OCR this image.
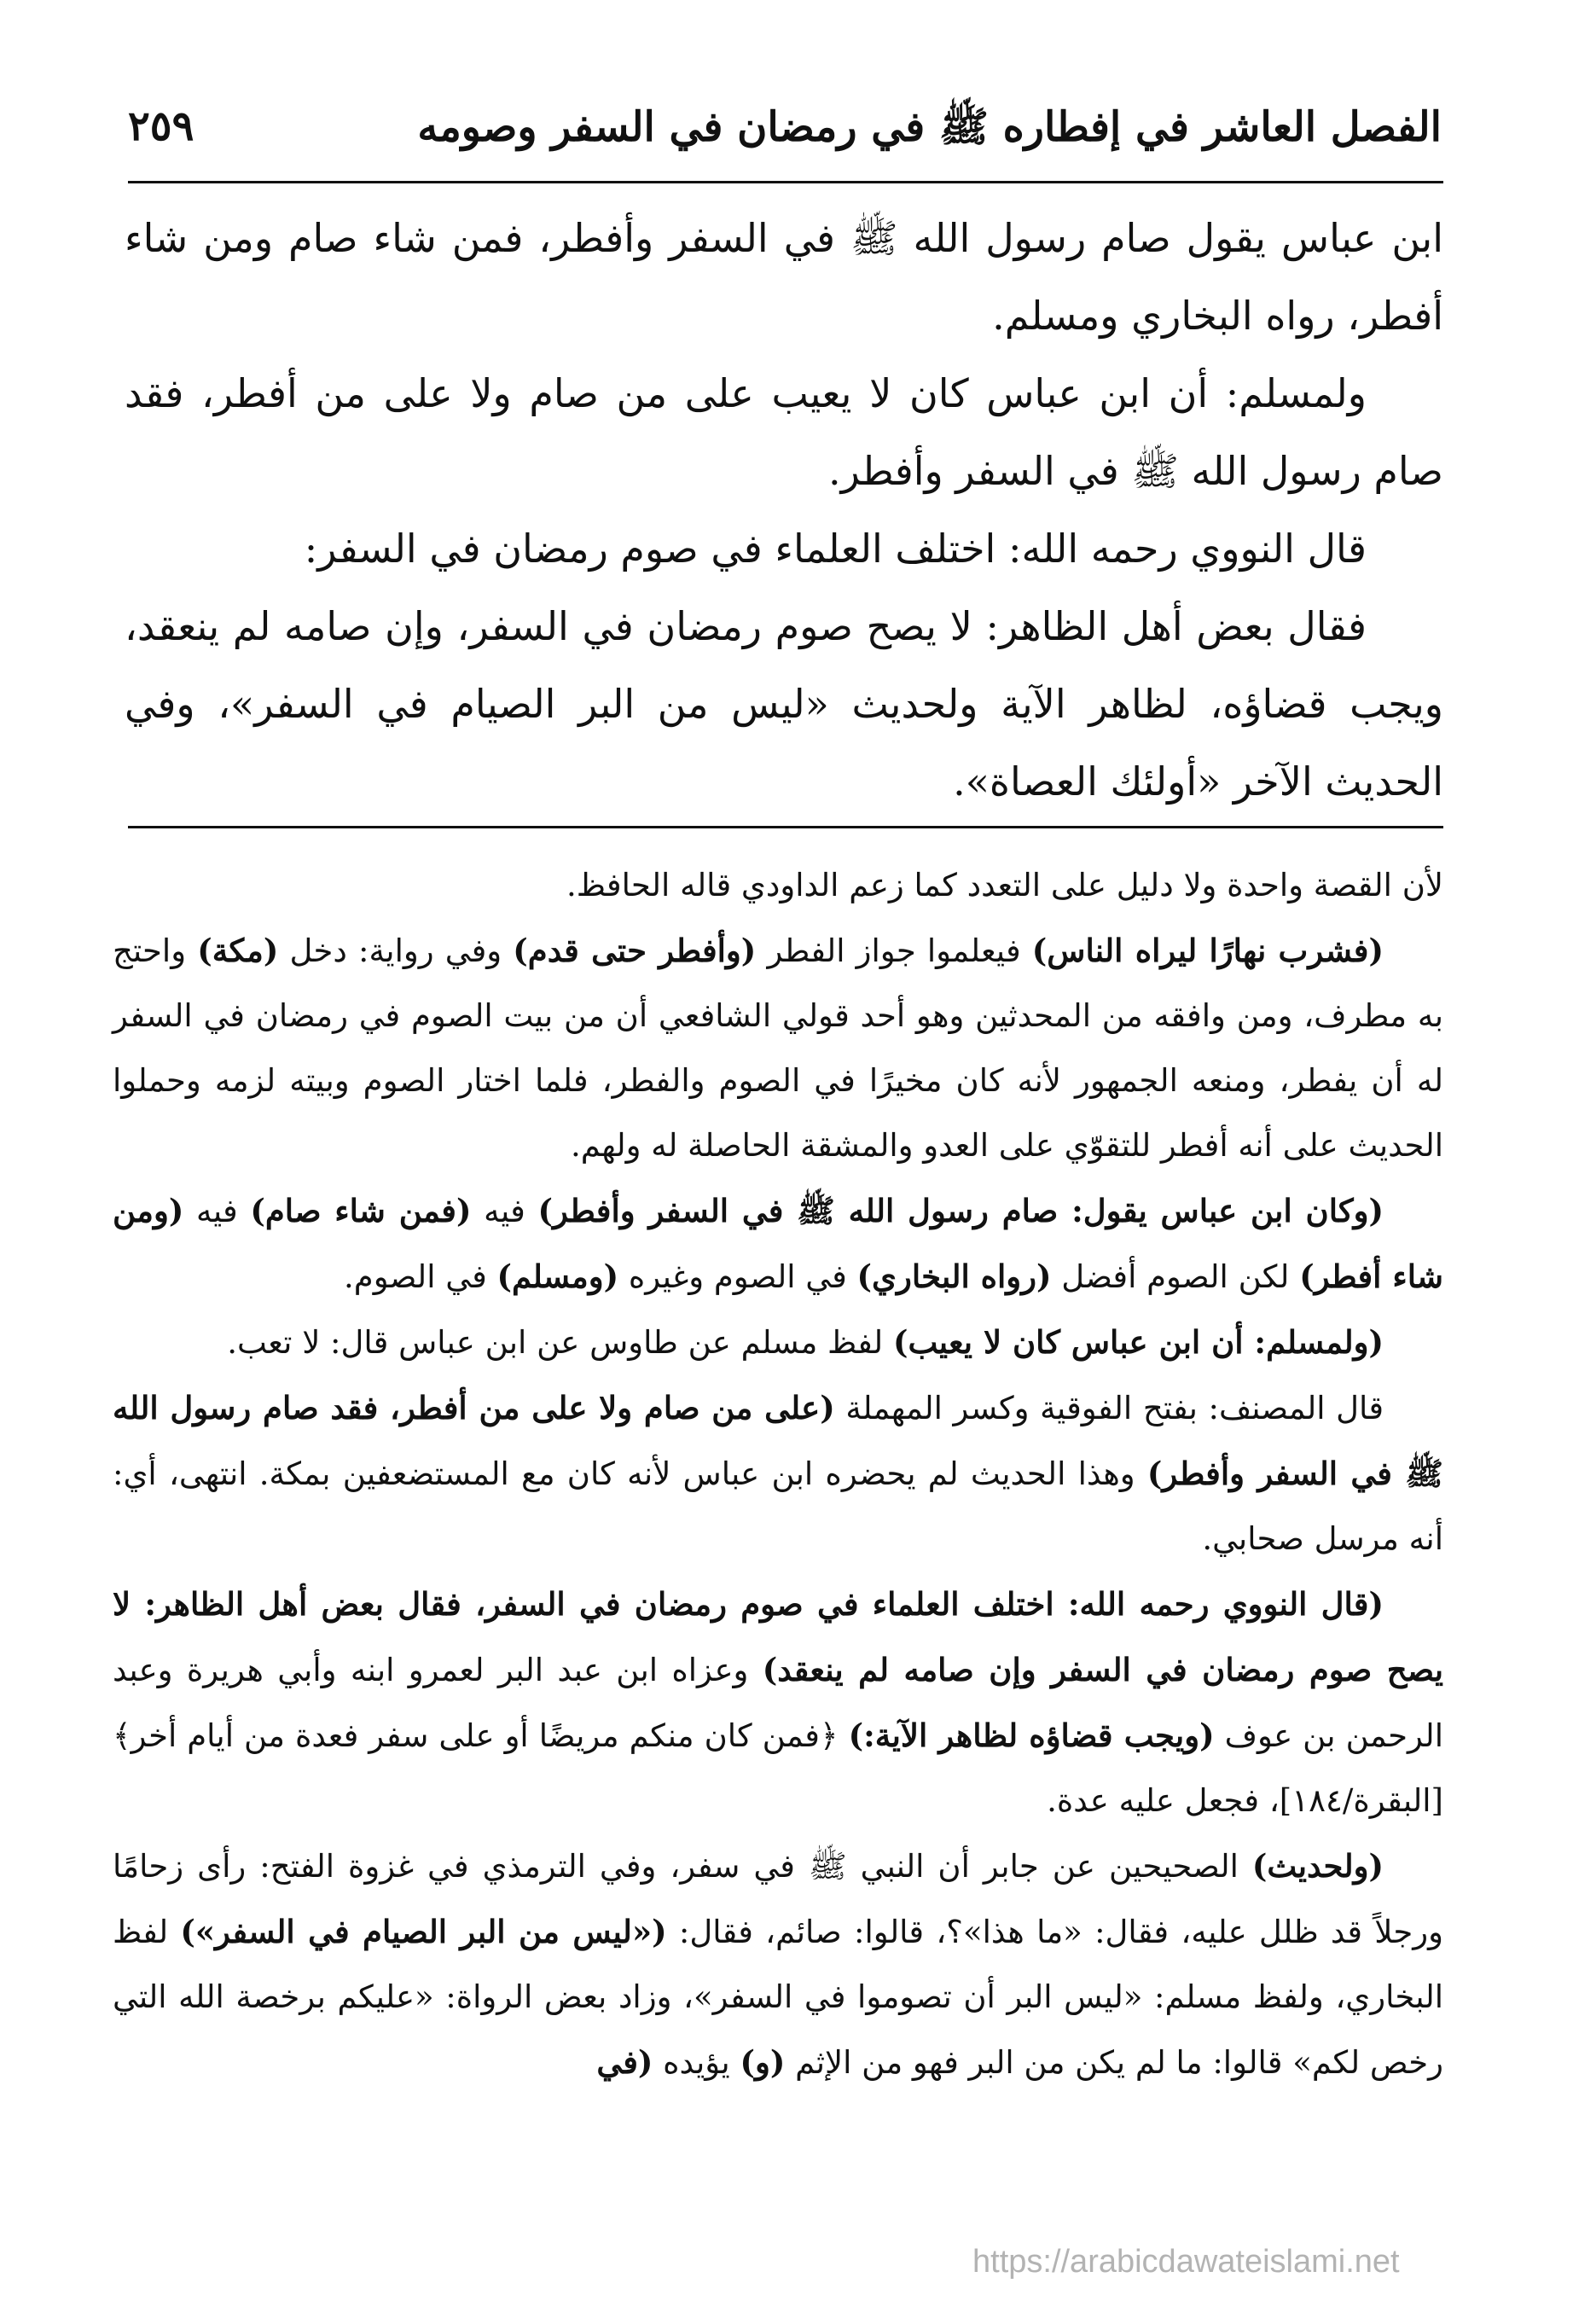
الفصل العاشر في إفطاره ﷺ في رمضان في السفر وصومه
٢٥٩

ابن عباس يقول صام رسول الله ﷺ في السفر وأفطر، فمن شاء صام ومن شاء أفطر، رواه البخاري ومسلم.

ولمسلم: أن ابن عباس كان لا يعيب على من صام ولا على من أفطر، فقد صام رسول الله ﷺ في السفر وأفطر.

قال النووي رحمه الله: اختلف العلماء في صوم رمضان في السفر:

فقال بعض أهل الظاهر: لا يصح صوم رمضان في السفر، وإن صامه لم ينعقد، ويجب قضاؤه، لظاهر الآية ولحديث «ليس من البر الصيام في السفر»، وفي الحديث الآخر «أولئك العصاة».

لأن القصة واحدة ولا دليل على التعدد كما زعم الداودي قاله الحافظ.

(فشرب نهارًا ليراه الناس) فيعلموا جواز الفطر (وأفطر حتى قدم) وفي رواية: دخل (مكة) واحتج به مطرف، ومن وافقه من المحدثين وهو أحد قولي الشافعي أن من بيت الصوم في رمضان في السفر له أن يفطر، ومنعه الجمهور لأنه كان مخيرًا في الصوم والفطر، فلما اختار الصوم وبيته لزمه وحملوا الحديث على أنه أفطر للتقوّي على العدو والمشقة الحاصلة له ولهم.

(وكان ابن عباس يقول: صام رسول الله ﷺ في السفر وأفطر) فيه (فمن شاء صام) فيه (ومن شاء أفطر) لكن الصوم أفضل (رواه البخاري) في الصوم وغيره (ومسلم) في الصوم.

(ولمسلم: أن ابن عباس كان لا يعيب) لفظ مسلم عن طاوس عن ابن عباس قال: لا تعب.

قال المصنف: بفتح الفوقية وكسر المهملة (على من صام ولا على من أفطر، فقد صام رسول الله ﷺ في السفر وأفطر) وهذا الحديث لم يحضره ابن عباس لأنه كان مع المستضعفين بمكة. انتهى، أي: أنه مرسل صحابي.

(قال النووي رحمه الله: اختلف العلماء في صوم رمضان في السفر، فقال بعض أهل الظاهر: لا يصح صوم رمضان في السفر وإن صامه لم ينعقد) وعزاه ابن عبد البر لعمرو ابنه وأبي هريرة وعبد الرحمن بن عوف (ويجب قضاؤه لظاهر الآية:) ﴿فمن كان منكم مريضًا أو على سفر فعدة من أيام أخر﴾ [البقرة/١٨٤]، فجعل عليه عدة.

(ولحديث) الصحيحين عن جابر أن النبي ﷺ في سفر، وفي الترمذي في غزوة الفتح: رأى زحامًا ورجلاً قد ظلل عليه، فقال: «ما هذا»؟، قالوا: صائم، فقال: («ليس من البر الصيام في السفر») لفظ البخاري، ولفظ مسلم: «ليس البر أن تصوموا في السفر»، وزاد بعض الرواة: «عليكم برخصة الله التي رخص لكم» قالوا: ما لم يكن من البر فهو من الإثم (و) يؤيده (في

https://arabicdawateislami.net
